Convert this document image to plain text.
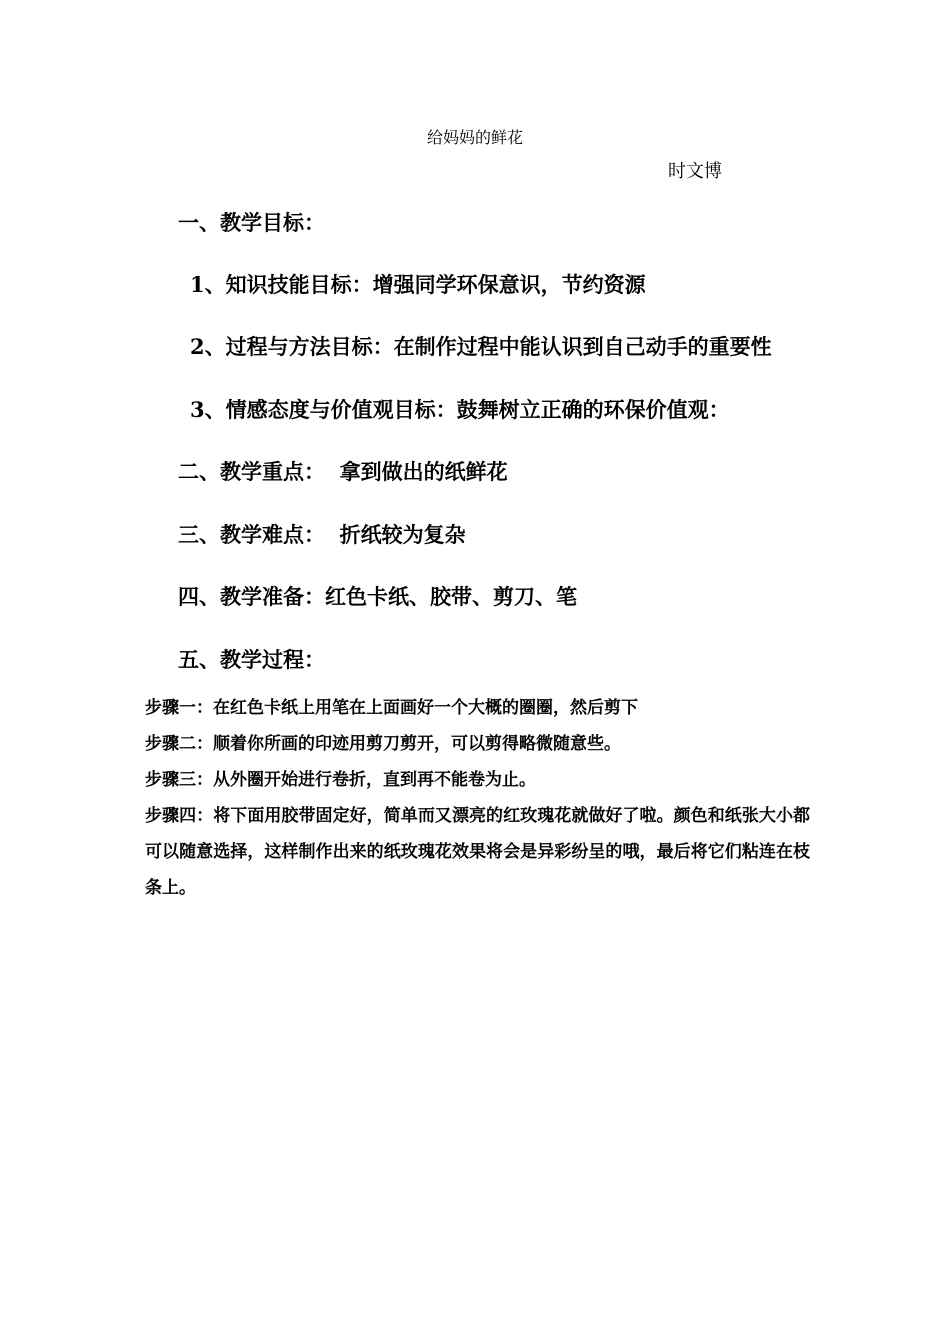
给妈妈的鲜花
时文博
一、教学目标：
1、知识技能目标：增强同学环保意识，节约资源
2、过程与方法目标：在制作过程中能认识到自己动手的重要性
3、情感态度与价值观目标：鼓舞树立正确的环保价值观：
二、教学重点：  拿到做出的纸鲜花
三、教学难点：  折纸较为复杂
四、教学准备：红色卡纸、胶带、剪刀、笔
五、教学过程：
步骤一：在红色卡纸上用笔在上面画好一个大概的圈圈，然后剪下
步骤二：顺着你所画的印迹用剪刀剪开，可以剪得略微随意些。
步骤三：从外圈开始进行卷折，直到再不能卷为止。
步骤四：将下面用胶带固定好，简单而又漂亮的红玫瑰花就做好了啦。颜色和纸张大小都可以随意选择，这样制作出来的纸玫瑰花效果将会是异彩纷呈的哦，最后将它们粘连在枝条上。
